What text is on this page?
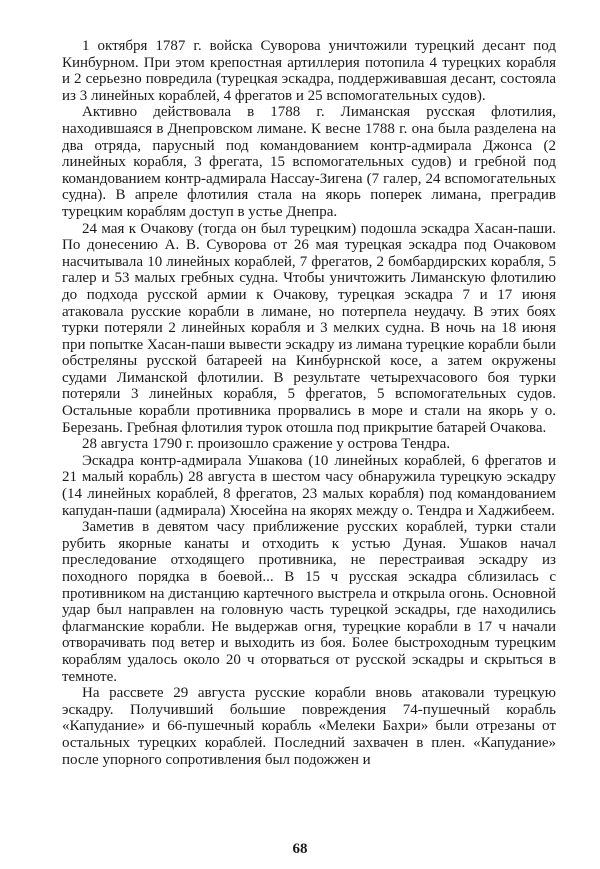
1 октября 1787 г. войска Суворова уничтожили турецкий десант под Кинбурном. При этом крепостная артиллерия потопила 4 турецких корабля и 2 серьезно повредила (турецкая эскадра, поддерживавшая десант, состояла из 3 линейных кораблей, 4 фрегатов и 25 вспомогательных судов).

Активно действовала в 1788 г. Лиманская русская флотилия, находившаяся в Днепровском лимане. К весне 1788 г. она была разделена на два отряда, парусный под командованием контр-адмирала Джонса (2 линейных корабля, 3 фрегата, 15 вспомогательных судов) и гребной под командованием контр-адмирала Нассау-Зигена (7 галер, 24 вспомогательных судна). В апреле флотилия стала на якорь поперек лимана, преградив турецким кораблям доступ в устье Днепра.

24 мая к Очакову (тогда он был турецким) подошла эскадра Хасан-паши. По донесению А. В. Суворова от 26 мая турецкая эскадра под Очаковом насчитывала 10 линейных кораблей, 7 фрегатов, 2 бомбардирских корабля, 5 галер и 53 малых гребных судна. Чтобы уничтожить Лиманскую флотилию до подхода русской армии к Очакову, турецкая эскадра 7 и 17 июня атаковала русские корабли в лимане, но потерпела неудачу. В этих боях турки потеряли 2 линейных корабля и 3 мелких судна. В ночь на 18 июня при попытке Хасан-паши вывести эскадру из лимана турецкие корабли были обстреляны русской батареей на Кинбурнской косе, а затем окружены судами Лиманской флотилии. В результате четырехчасового боя турки потеряли 3 линейных корабля, 5 фрегатов, 5 вспомогательных судов. Остальные корабли противника прорвались в море и стали на якорь у о. Березань. Гребная флотилия турок отошла под прикрытие батарей Очакова.

28 августа 1790 г. произошло сражение у острова Тендра.

Эскадра контр-адмирала Ушакова (10 линейных кораблей, 6 фрегатов и 21 малый корабль) 28 августа в шестом часу обнаружила турецкую эскадру (14 линейных кораблей, 8 фрегатов, 23 малых корабля) под командованием капудан-паши (адмирала) Хюсейна на якорях между о. Тендра и Хаджибеем.

Заметив в девятом часу приближение русских кораблей, турки стали рубить якорные канаты и отходить к устью Дуная. Ушаков начал преследование отходящего противника, не перестраивая эскадру из походного порядка в боевой... В 15 ч русская эскадра сблизилась с противником на дистанцию картечного выстрела и открыла огонь. Основной удар был направлен на головную часть турецкой эскадры, где находились флагманские корабли. Не выдержав огня, турецкие корабли в 17 ч начали отворачивать под ветер и выходить из боя. Более быстроходным турецким кораблям удалось около 20 ч оторваться от русской эскадры и скрыться в темноте.

На рассвете 29 августа русские корабли вновь атаковали турецкую эскадру. Получивший большие повреждения 74-пушечный корабль «Капудание» и 66-пушечный корабль «Мелеки Бахри» были отрезаны от остальных турецких кораблей. Последний захвачен в плен. «Капудание» после упорного сопротивления был подожжен и

68
